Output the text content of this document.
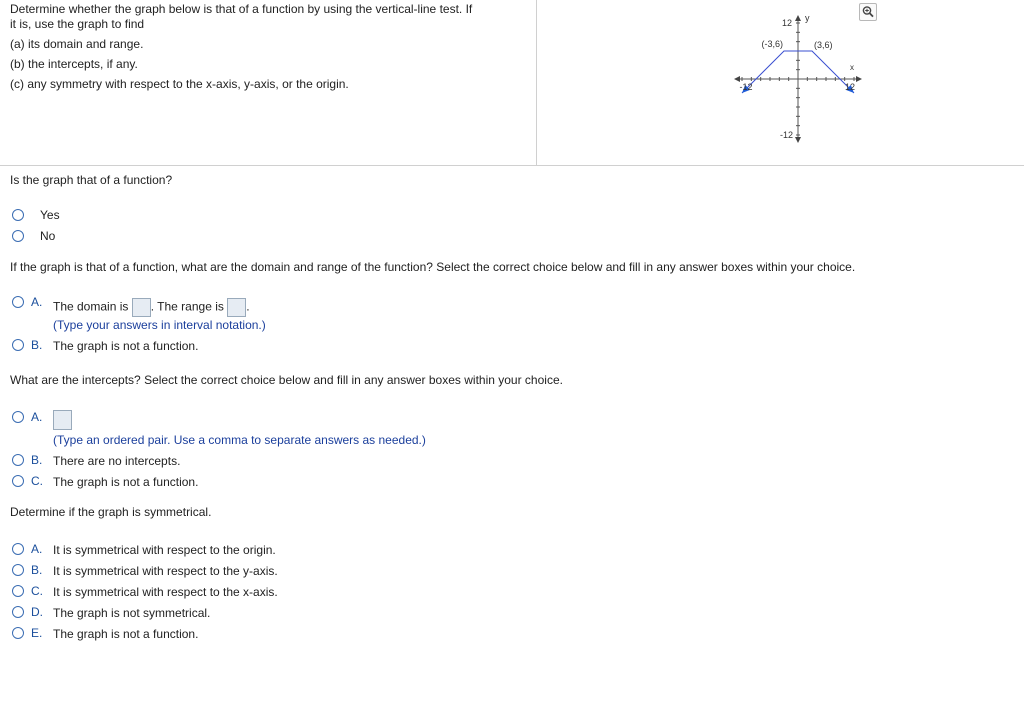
Determine whether the graph below is that of a function by using the vertical-line test. If
it is, use the graph to find
(a) its domain and range.
(b) the intercepts, if any.
(c) any symmetry with respect to the x-axis, y-axis, or the origin.
12
-12
-12	12
y
x
(-3,6)	(3,6)
Is the graph that of a function?
Yes
No
If the graph is that of a function, what are the domain and range of the function? Select the correct choice below and fill in any answer boxes within your choice.
A. The domain is . The range is .
(Type your answers in interval notation.)
B. The graph is not a function.
What are the intercepts? Select the correct choice below and fill in any answer boxes within your choice.
A.
(Type an ordered pair. Use a comma to separate answers as needed.)
B. There are no intercepts.
C. The graph is not a function.
Determine if the graph is symmetrical.
A. It is symmetrical with respect to the origin.
B. It is symmetrical with respect to the y-axis.
C. It is symmetrical with respect to the x-axis.
D. The graph is not symmetrical.
E. The graph is not a function.
